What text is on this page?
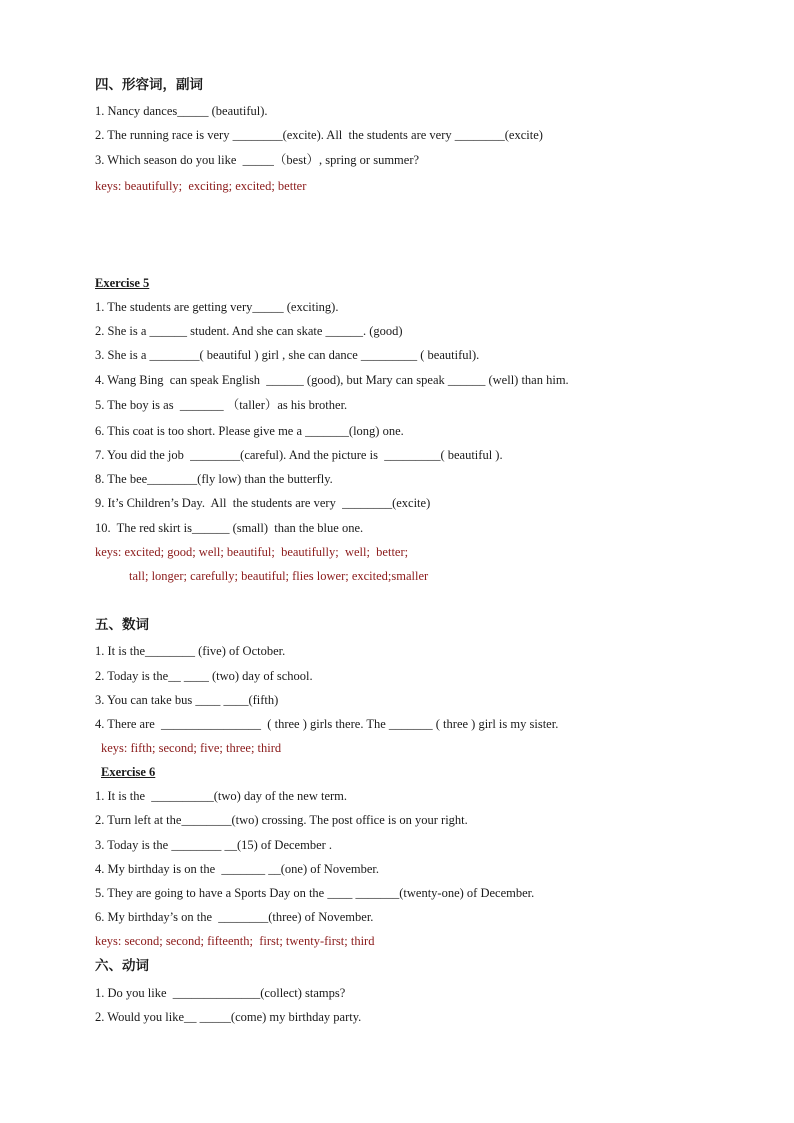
四、形容词，副词
1. Nancy dances_____ (beautiful).
2. The running race is very ________(excite). All  the students are very ________(excite)
3. Which season do you like  _____（best）, spring or summer?
keys: beautifully;  exciting; excited; better
Exercise 5
1. The students are getting very_____ (exciting).
2. She is a ______ student. And she can skate ______. (good)
3. She is a ________( beautiful ) girl , she can dance _________ ( beautiful).
4. Wang Bing  can speak English  ______ (good), but Mary can speak ______ (well) than him.
5. The boy is as  _______ （taller）as his brother.
6. This coat is too short. Please give me a _______(long) one.
7. You did the job  ________(careful). And the picture is  _________( beautiful ).
8. The bee________(fly low) than the butterfly.
9. It’s Children’s Day.  All  the students are very  ________(excite)
10.  The red skirt is______ (small)  than the blue one.
keys: excited; good; well; beautiful;  beautifully;  well;  better;
tall; longer; carefully; beautiful; flies lower; excited;smaller
五、数词
1. It is the________ (five) of October.
2. Today is the__ ____ (two) day of school.
3. You can take bus ____ ____(fifth)
4. There are  ________________  ( three ) girls there. The _______ ( three ) girl is my sister.
keys: fifth; second; five; three; third
Exercise 6
1. It is the  __________(two) day of the new term.
2. Turn left at the________(two) crossing. The post office is on your right.
3. Today is the ________ __(15) of December .
4. My birthday is on the  _______ __(one) of November.
5. They are going to have a Sports Day on the ____ _______(twenty-one) of December.
6. My birthday’s on the  ________(three) of November.
keys: second; second; fifteenth;  first; twenty-first; third
六、动词
1. Do you like  ______________(collect) stamps?
2. Would you like__ _____(come) my birthday party.
